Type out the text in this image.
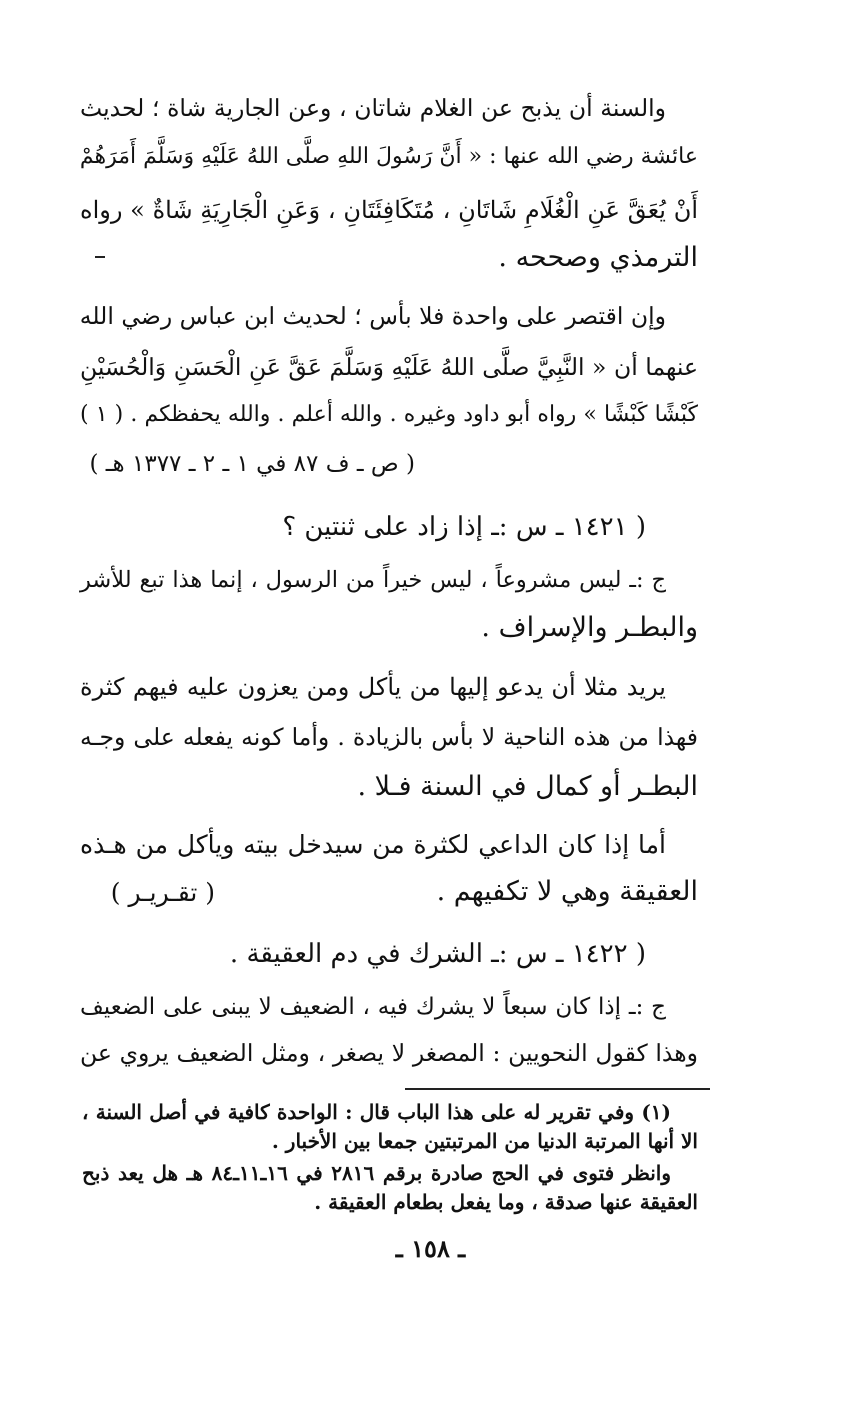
والسنة أن يذبح عن الغلام شاتان ، وعن الجارية شاة ؛ لحديث
عائشة رضي الله عنها : « أَنَّ رَسُولَ اللهِ صلَّى اللهُ عَلَيْهِ وَسَلَّمَ أَمَرَهُمْ
أَنْ يُعَقَّ عَنِ الْغُلَامِ شَاتَانِ ، مُتَكَافِئَتَانِ ، وَعَنِ الْجَارِيَةِ شَاةٌ » رواه
الترمذي وصححه .
وإن اقتصر على واحدة فلا بأس ؛ لحديث ابن عباس رضي الله
عنهما أن « النَّبِيَّ صلَّى اللهُ عَلَيْهِ وَسَلَّمَ عَقَّ عَنِ الْحَسَنِ وَالْحُسَيْنِ
كَبْشًا كَبْشًا » رواه أبو داود وغيره . والله أعلم . والله يحفظكم . ( ١ )
( ص ـ ف ٨٧ في ١ ـ ٢ ـ ١٣٧٧ هـ )
( ١٤٢١ ـ س :ـ إذا زاد على ثنتين ؟
ج :ـ ليس مشروعاً ، ليس خيراً من الرسول ، إنما هذا تبع للأشر
والبطـر والإسراف .
يريد مثلا أن يدعو إليها من يأكل ومن يعزون عليه فيهم كثرة
فهذا من هذه الناحية لا بأس بالزيادة . وأما كونه يفعله على وجـه
البطـر أو كمال في السنة فـلا .
أما إذا كان الداعي لكثرة من سيدخل بيته ويأكل من هـذه
العقيقة وهي لا تكفيهم .
( تقـريـر )
( ١٤٢٢ ـ س :ـ الشرك في دم العقيقة .
ج :ـ إذا كان سبعاً لا يشرك فيه ، الضعيف لا يبنى على الضعيف
وهذا كقول النحويين : المصغر لا يصغر ، ومثل الضعيف يروي عن
(١) وفي تقرير له على هذا الباب قال : الواحدة كافية في أصل السنة ،
الا أنها المرتبة الدنيا من المرتبتين جمعا بين الأخبار .
وانظر فتوى في الحج صادرة برقم ٢٨١٦ في ١٦ـ١١ـ٨٤ هـ هل يعد ذبح
العقيقة عنها صدقة ، وما يفعل بطعام العقيقة .
ـ ١٥٨ ـ
